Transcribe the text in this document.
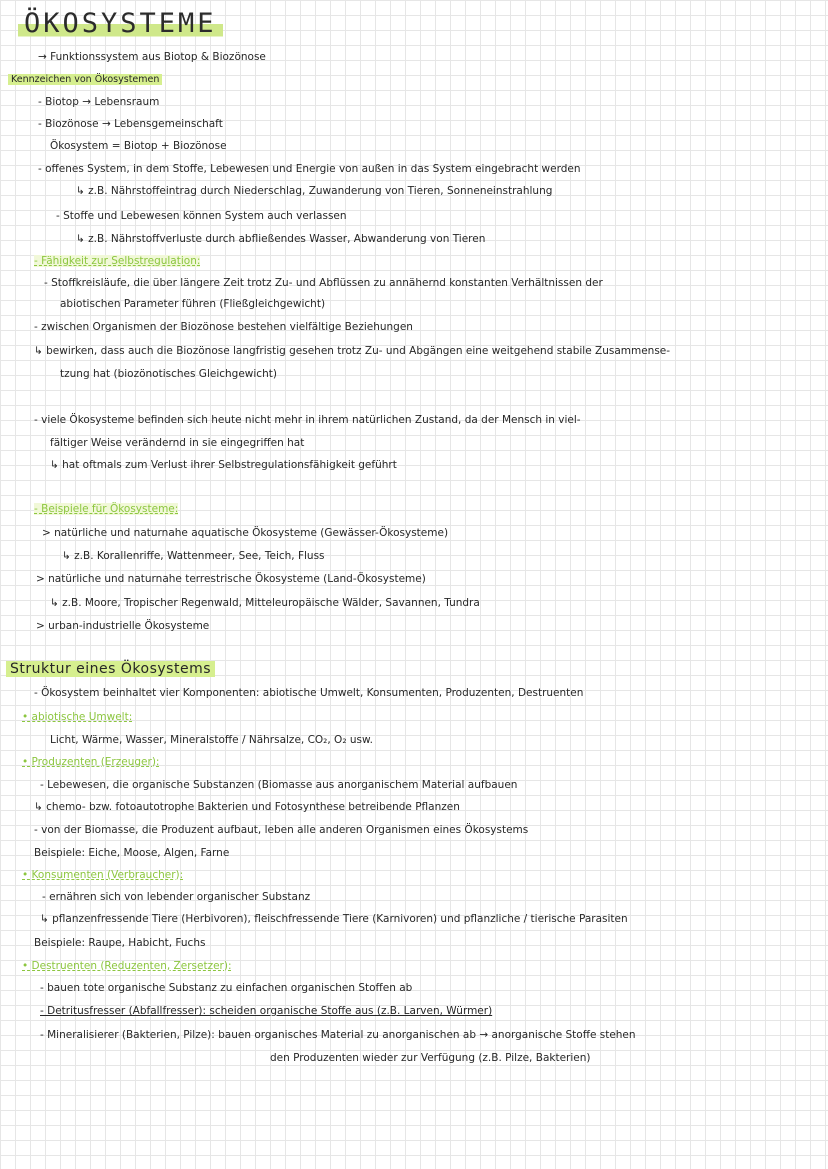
ÖKOSYSTEME
→ Funktionssystem aus Biotop & Biozönose
Kennzeichen von Ökosystemen
- Biotop → Lebensraum
- Biozönose → Lebensgemeinschaft
Ökosystem = Biotop + Biozönose
- offenes System, in dem Stoffe, Lebewesen und Energie von außen in das System eingebracht werden
↳ z.B. Nährstoffeintrag durch Niederschlag, Zuwanderung von Tieren, Sonneneinstrahlung
- Stoffe und Lebewesen können System auch verlassen
↳ z.B. Nährstoffverluste durch abfließendes Wasser, Abwanderung von Tieren
- Fähigkeit zur Selbstregulation:
- Stoffkreisläufe, die über längere Zeit trotz Zu- und Abflüssen zu annähernd konstanten Verhältnissen der
abiotischen Parameter führen (Fließgleichgewicht)
- zwischen Organismen der Biozönose bestehen vielfältige Beziehungen
↳ bewirken, dass auch die Biozönose langfristig gesehen trotz Zu- und Abgängen eine weitgehend stabile Zusammense-
tzung hat (biozönotisches Gleichgewicht)
- viele Ökosysteme befinden sich heute nicht mehr in ihrem natürlichen Zustand, da der Mensch in viel-
fältiger Weise verändernd in sie eingegriffen hat
↳ hat oftmals zum Verlust ihrer Selbstregulationsfähigkeit geführt
- Beispiele für Ökosysteme:
> natürliche und naturnahe aquatische Ökosysteme (Gewässer-Ökosysteme)
↳ z.B. Korallenriffe, Wattenmeer, See, Teich, Fluss
> natürliche und naturnahe terrestrische Ökosysteme (Land-Ökosysteme)
↳ z.B. Moore, Tropischer Regenwald, Mitteleuropäische Wälder, Savannen, Tundra
> urban-industrielle Ökosysteme
Struktur eines Ökosystems
- Ökosystem beinhaltet vier Komponenten: abiotische Umwelt, Konsumenten, Produzenten, Destruenten
• abiotische Umwelt:
Licht, Wärme, Wasser, Mineralstoffe / Nährsalze, CO₂, O₂ usw.
• Produzenten (Erzeuger):
- Lebewesen, die organische Substanzen (Biomasse aus anorganischem Material aufbauen
↳ chemo- bzw. fotoautotrophe Bakterien und Fotosynthese betreibende Pflanzen
- von der Biomasse, die Produzent aufbaut, leben alle anderen Organismen eines Ökosystems
Beispiele: Eiche, Moose, Algen, Farne
• Konsumenten (Verbraucher):
- ernähren sich von lebender organischer Substanz
↳ pflanzenfressende Tiere (Herbivoren), fleischfressende Tiere (Karnivoren) und pflanzliche / tierische Parasiten
Beispiele: Raupe, Habicht, Fuchs
• Destruenten (Reduzenten, Zersetzer):
- bauen tote organische Substanz zu einfachen organischen Stoffen ab
- Detritusfresser (Abfallfresser): scheiden organische Stoffe aus (z.B. Larven, Würmer)
- Mineralisierer (Bakterien, Pilze): bauen organisches Material zu anorganischen ab → anorganische Stoffe stehen
den Produzenten wieder zur Verfügung (z.B. Pilze, Bakterien)
